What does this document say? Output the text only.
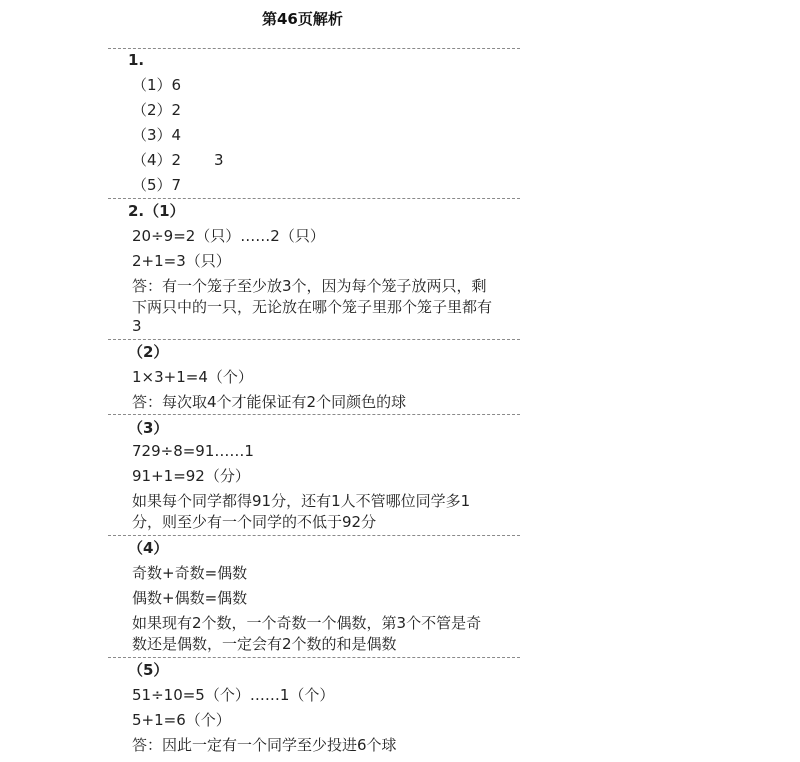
第46页解析
1.
（1）6
（2）2
（3）4
（4）2 3
（5）7
2.（1）
20÷9=2（只）……2（只）
2+1=3（只）
答：有一个笼子至少放3个，因为每个笼子放两只，剩
下两只中的一只，无论放在哪个笼子里那个笼子里都有
3
（2）
1×3+1=4（个）
答：每次取4个才能保证有2个同颜色的球
（3）
729÷8=91……1
91+1=92（分）
如果每个同学都得91分，还有1人不管哪位同学多1
分，则至少有一个同学的不低于92分
（4）
奇数+奇数=偶数
偶数+偶数=偶数
如果现有2个数，一个奇数一个偶数，第3个不管是奇
数还是偶数，一定会有2个数的和是偶数
（5）
51÷10=5（个）……1（个）
5+1=6（个）
答：因此一定有一个同学至少投进6个球
